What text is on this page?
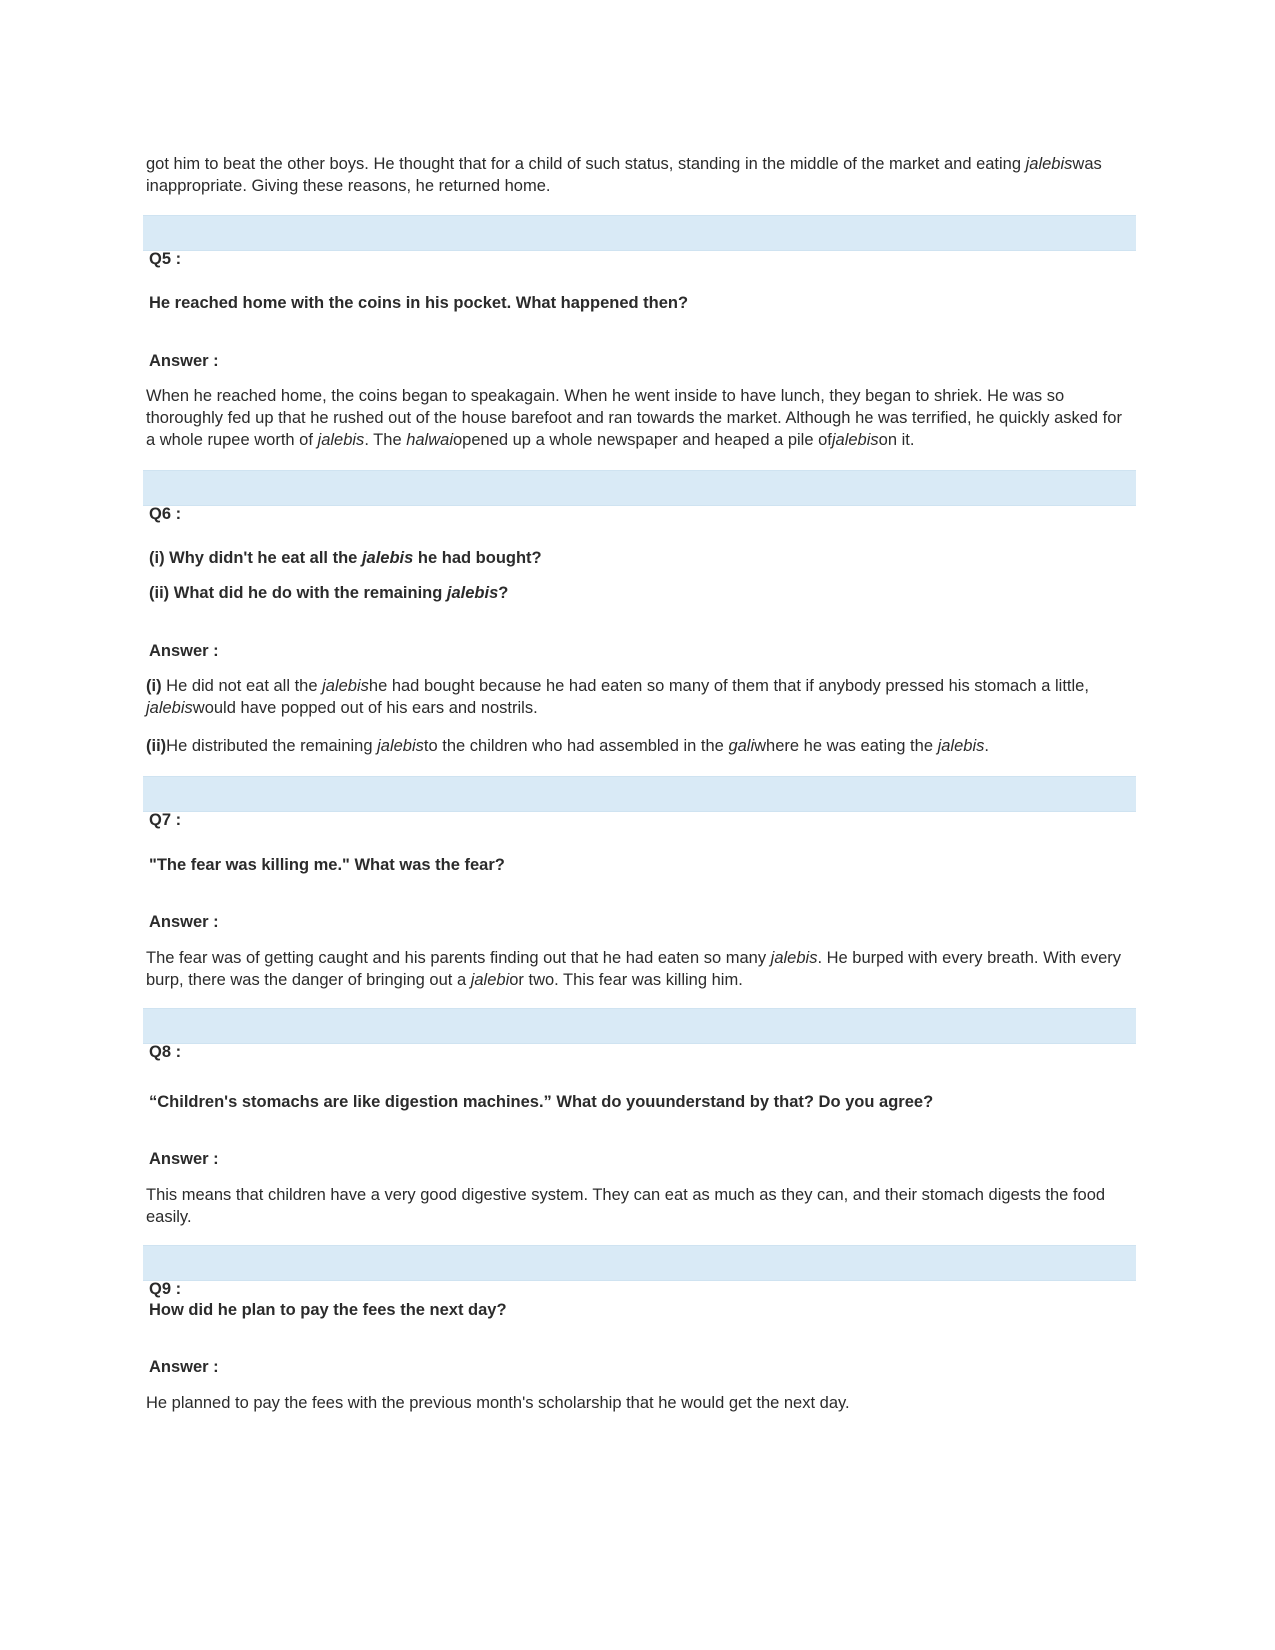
got him to beat the other boys. He thought that for a child of such status, standing in the middle of the market and eating jalebiswas inappropriate. Giving these reasons, he returned home.

Q5 :

He reached home with the coins in his pocket. What happened then?

Answer :

When he reached home, the coins began to speakagain. When he went inside to have lunch, they began to shriek. He was so thoroughly fed up that he rushed out of the house barefoot and ran towards the market. Although he was terrified, he quickly asked for a whole rupee worth of jalebis. The halwaiopened up a whole newspaper and heaped a pile ofjalebison it.

Q6 :

(i) Why didn't he eat all the jalebis he had bought?

(ii) What did he do with the remaining jalebis?

Answer :

(i) He did not eat all the jalebishe had bought because he had eaten so many of them that if anybody pressed his stomach a little, jalebiswould have popped out of his ears and nostrils.

(ii)He distributed the remaining jalebisto the children who had assembled in the galiwhere he was eating the jalebis.

Q7 :

"The fear was killing me." What was the fear?

Answer :

The fear was of getting caught and his parents finding out that he had eaten so many jalebis. He burped with every breath. With every burp, there was the danger of bringing out a jalebior two. This fear was killing him.

Q8 :

“Children's stomachs are like digestion machines.” What do youunderstand by that? Do you agree?

Answer :

This means that children have a very good digestive system. They can eat as much as they can, and their stomach digests the food easily.

Q9 :

How did he plan to pay the fees the next day?

Answer :

He planned to pay the fees with the previous month's scholarship that he would get the next day.
